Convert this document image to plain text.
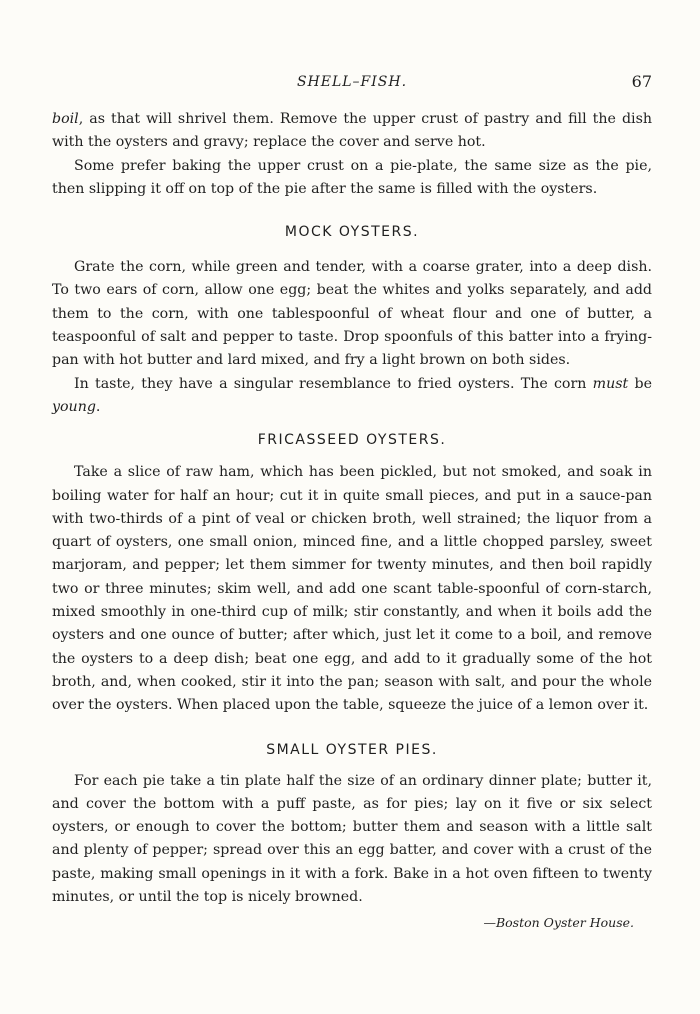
SHELL–FISH.	67

boil, as that will shrivel them. Remove the upper crust of pastry and fill the dish with the oysters and gravy; replace the cover and serve hot.

Some prefer baking the upper crust on a pie-plate, the same size as the pie, then slipping it off on top of the pie after the same is filled with the oysters.

MOCK OYSTERS.

Grate the corn, while green and tender, with a coarse grater, into a deep dish. To two ears of corn, allow one egg; beat the whites and yolks separately, and add them to the corn, with one tablespoonful of wheat flour and one of butter, a teaspoonful of salt and pepper to taste. Drop spoonfuls of this batter into a frying-pan with hot butter and lard mixed, and fry a light brown on both sides.

In taste, they have a singular resemblance to fried oysters. The corn must be young.

FRICASSEED OYSTERS.

Take a slice of raw ham, which has been pickled, but not smoked, and soak in boiling water for half an hour; cut it in quite small pieces, and put in a sauce-pan with two-thirds of a pint of veal or chicken broth, well strained; the liquor from a quart of oysters, one small onion, minced fine, and a little chopped parsley, sweet marjoram, and pepper; let them simmer for twenty minutes, and then boil rapidly two or three minutes; skim well, and add one scant table-spoonful of corn-starch, mixed smoothly in one-third cup of milk; stir constantly, and when it boils add the oysters and one ounce of butter; after which, just let it come to a boil, and remove the oysters to a deep dish; beat one egg, and add to it gradually some of the hot broth, and, when cooked, stir it into the pan; season with salt, and pour the whole over the oysters. When placed upon the table, squeeze the juice of a lemon over it.

SMALL OYSTER PIES.

For each pie take a tin plate half the size of an ordinary dinner plate; butter it, and cover the bottom with a puff paste, as for pies; lay on it five or six select oysters, or enough to cover the bottom; butter them and season with a little salt and plenty of pepper; spread over this an egg batter, and cover with a crust of the paste, making small openings in it with a fork. Bake in a hot oven fifteen to twenty minutes, or until the top is nicely browned.

—Boston Oyster House.
